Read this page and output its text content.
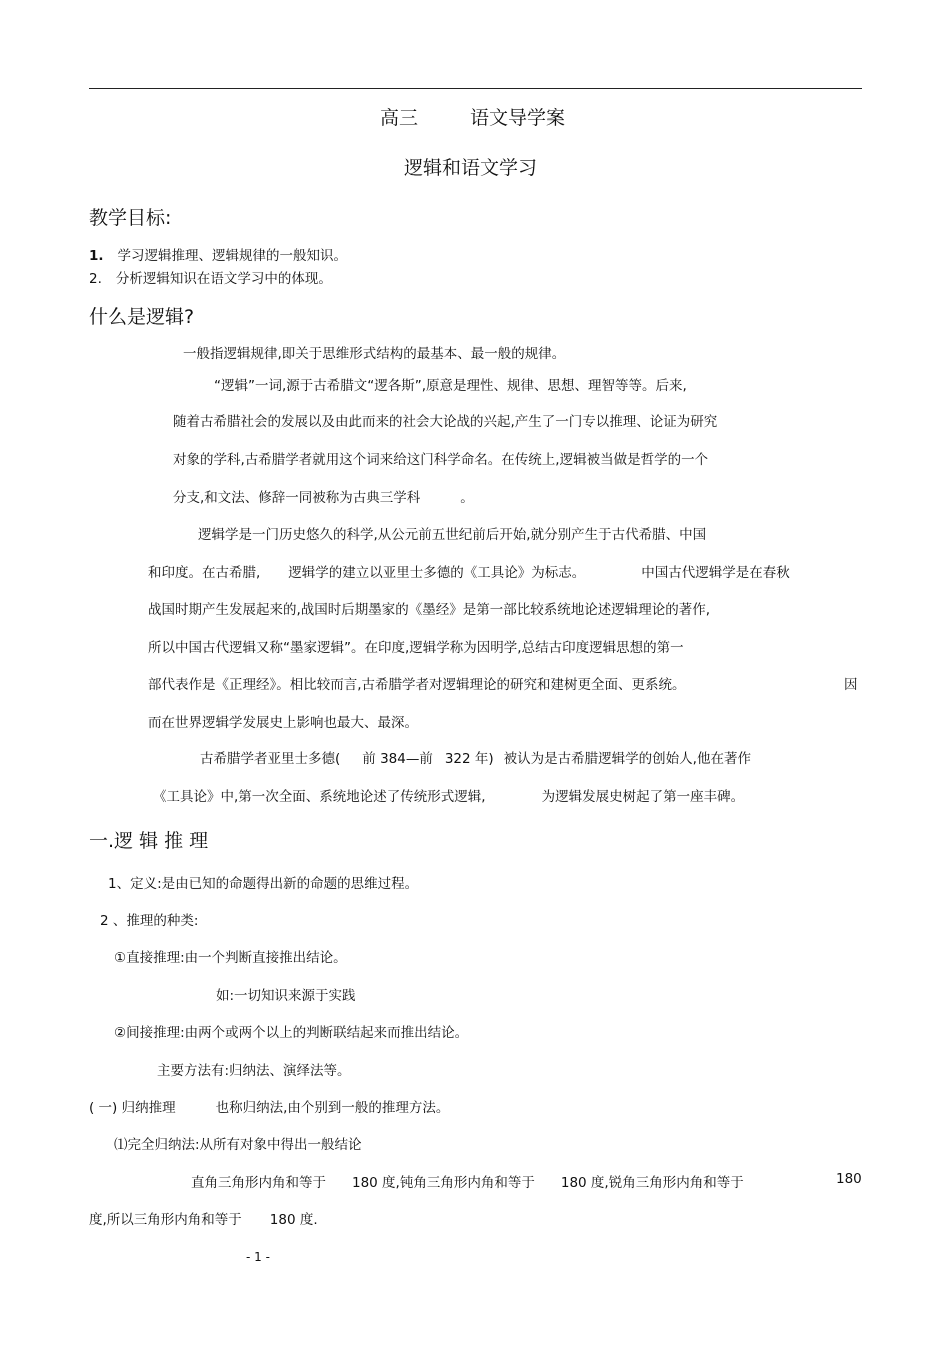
高三	语文导学案
逻辑和语文学习
教学目标:
1. 学习逻辑推理、逻辑规律的一般知识。
2. 分析逻辑知识在语文学习中的体现。
什么是逻辑?
一般指逻辑规律,即关于思维形式结构的最基本、最一般的规律。
“逻辑”一词,源于古希腊文“逻各斯”,原意是理性、规律、思想、理智等等。后来,
随着古希腊社会的发展以及由此而来的社会大论战的兴起,产生了一门专以推理、论证为研究
对象的学科,古希腊学者就用这个词来给这门科学命名。在传统上,逻辑被当做是哲学的一个
分支,和文法、修辞一同被称为古典三学科	。
逻辑学是一门历史悠久的科学,从公元前五世纪前后开始,就分别产生于古代希腊、中国
和印度。在古希腊, 逻辑学的建立以亚里士多德的《工具论》为标志。	中国古代逻辑学是在春秋
战国时期产生发展起来的,战国时后期墨家的《墨经》是第一部比较系统地论述逻辑理论的著作,
所以中国古代逻辑又称“墨家逻辑”。在印度,逻辑学称为因明学,总结古印度逻辑思想的第一
部代表作是《正理经》。相比较而言,古希腊学者对逻辑理论的研究和建树更全面、更系统。	因
而在世界逻辑学发展史上影响也最大、最深。
古希腊学者亚里士多德( 前 384—前 322 年) 被认为是古希腊逻辑学的创始人,他在著作
《工具论》中,第一次全面、系统地论述了传统形式逻辑,	为逻辑发展史树起了第一座丰碑。
一.逻 辑 推 理
1、定义:是由已知的命题得出新的命题的思维过程。
2 、推理的种类:
①直接推理:由一个判断直接推出结论。
如:一切知识来源于实践
②间接推理:由两个或两个以上的判断联结起来而推出结论。
主要方法有:归纳法、演绎法等。
( 一) 归纳推理	也称归纳法,由个别到一般的推理方法。
⑴完全归纳法:从所有对象中得出一般结论
直角三角形内角和等于 180 度,钝角三角形内角和等于 180 度,锐角三角形内角和等于	180
度,所以三角形内角和等于 180 度.
- 1 -
